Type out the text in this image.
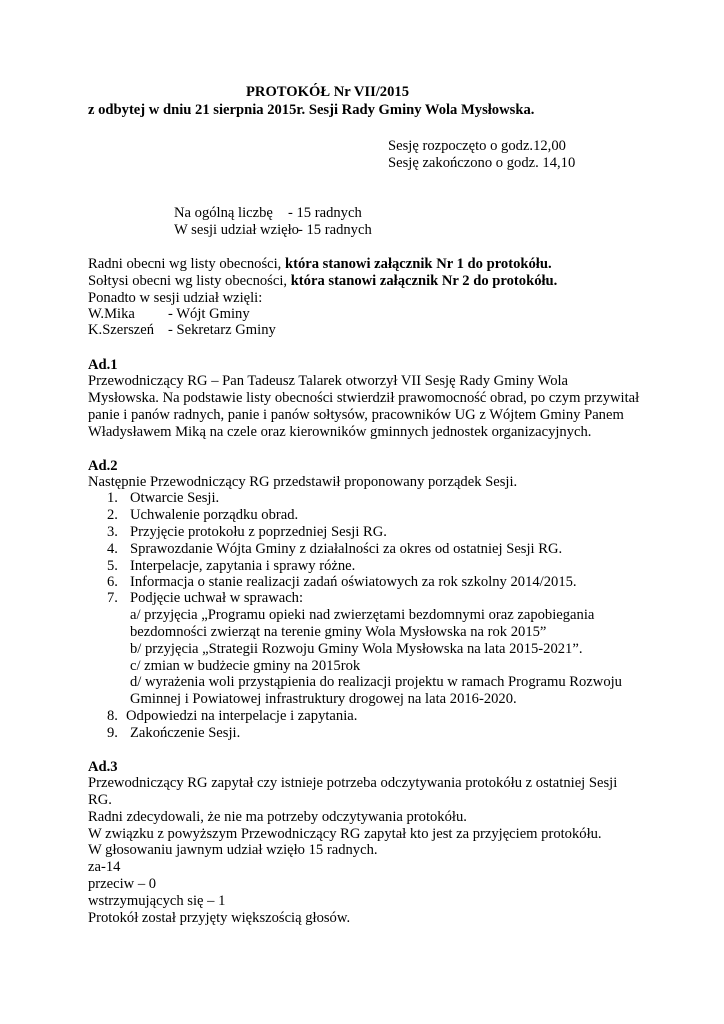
PROTOKÓŁ Nr VII/2015
z odbytej w dniu 21 sierpnia 2015r. Sesji Rady Gminy Wola Mysłowska.
Sesję rozpoczęto o godz.12,00
Sesję zakończono o godz. 14,10
Na ogólną liczbę - 15 radnych
W sesji udział wzięło - 15 radnych
Radni obecni wg listy obecności, która stanowi załącznik Nr 1 do protokółu.
Sołtysi obecni wg listy obecności, która stanowi załącznik Nr 2 do protokółu.
Ponadto w sesji udział wzięli:
W.Mika - Wójt Gminy
K.Szerszeń - Sekretarz Gminy
Ad.1
Przewodniczący RG – Pan Tadeusz Talarek otworzył VII Sesję Rady Gminy Wola
Mysłowska. Na podstawie listy obecności stwierdził prawomocność obrad, po czym przywitał
panie i panów radnych, panie i panów sołtysów, pracowników UG z Wójtem Gminy Panem
Władysławem Miką na czele oraz kierowników gminnych jednostek organizacyjnych.
Ad.2
Następnie Przewodniczący RG przedstawił proponowany porządek Sesji.
1. Otwarcie Sesji.
2. Uchwalenie porządku obrad.
3. Przyjęcie protokołu z poprzedniej Sesji RG.
4. Sprawozdanie Wójta Gminy z działalności za okres od ostatniej Sesji RG.
5. Interpelacje, zapytania i sprawy różne.
6. Informacja o stanie realizacji zadań oświatowych za rok szkolny 2014/2015.
7. Podjęcie uchwał w sprawach:
a/ przyjęcia „Programu opieki nad zwierzętami bezdomnymi oraz zapobiegania
bezdomności zwierząt na terenie gminy Wola Mysłowska na rok 2015”
b/ przyjęcia „Strategii Rozwoju Gminy Wola Mysłowska na lata 2015-2021”.
c/ zmian w budżecie gminy na 2015rok
d/ wyrażenia woli przystąpienia do realizacji projektu w ramach Programu Rozwoju
Gminnej i Powiatowej infrastruktury drogowej na lata 2016-2020.
8. Odpowiedzi na interpelacje i zapytania.
9. Zakończenie Sesji.
Ad.3
Przewodniczący RG zapytał czy istnieje potrzeba odczytywania protokółu z ostatniej Sesji
RG.
Radni zdecydowali, że nie ma potrzeby odczytywania protokółu.
W związku z powyższym Przewodniczący RG zapytał kto jest za przyjęciem protokółu.
W głosowaniu jawnym udział wzięło 15 radnych.
za-14
przeciw – 0
wstrzymujących się – 1
Protokół został przyjęty większością głosów.
